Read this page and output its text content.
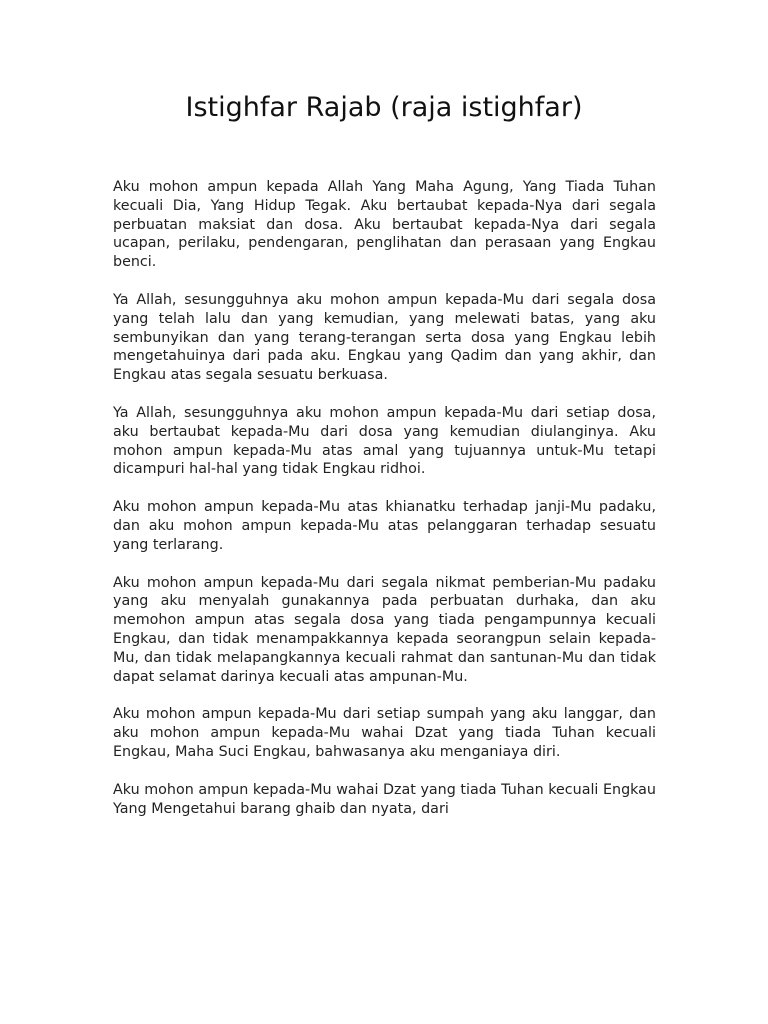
Istighfar Rajab (raja istighfar)

Aku mohon ampun kepada Allah Yang Maha Agung, Yang Tiada Tuhan kecuali Dia, Yang Hidup Tegak. Aku bertaubat kepada-Nya dari segala perbuatan maksiat dan dosa. Aku bertaubat kepada-Nya dari segala ucapan, perilaku, pendengaran, penglihatan dan perasaan yang Engkau benci.

Ya Allah, sesungguhnya aku mohon ampun kepada-Mu dari segala dosa yang telah lalu dan yang kemudian, yang melewati batas, yang aku sembunyikan dan yang terang-terangan serta dosa yang Engkau lebih mengetahuinya dari pada aku. Engkau yang Qadim dan yang akhir, dan Engkau atas segala sesuatu berkuasa.

Ya Allah, sesungguhnya aku mohon ampun kepada-Mu dari setiap dosa, aku bertaubat kepada-Mu dari dosa yang kemudian diulanginya. Aku mohon ampun kepada-Mu atas amal yang tujuannya untuk-Mu tetapi dicampuri hal-hal yang tidak Engkau ridhoi.

Aku mohon ampun kepada-Mu atas khianatku terhadap janji-Mu padaku, dan aku mohon ampun kepada-Mu atas pelanggaran terhadap sesuatu yang terlarang.

Aku mohon ampun kepada-Mu dari segala nikmat pemberian-Mu padaku yang aku menyalah gunakannya pada perbuatan durhaka, dan aku memohon ampun atas segala dosa yang tiada pengampunnya kecuali Engkau, dan tidak menampakkannya kepada seorangpun selain kepada-Mu, dan tidak melapangkannya kecuali rahmat dan santunan-Mu dan tidak dapat selamat darinya kecuali atas ampunan-Mu.

Aku mohon ampun kepada-Mu dari setiap sumpah yang aku langgar, dan aku mohon ampun kepada-Mu wahai Dzat yang tiada Tuhan kecuali Engkau, Maha Suci Engkau, bahwasanya aku menganiaya diri.

Aku mohon ampun kepada-Mu wahai Dzat yang tiada Tuhan kecuali Engkau Yang Mengetahui barang ghaib dan nyata, dari
